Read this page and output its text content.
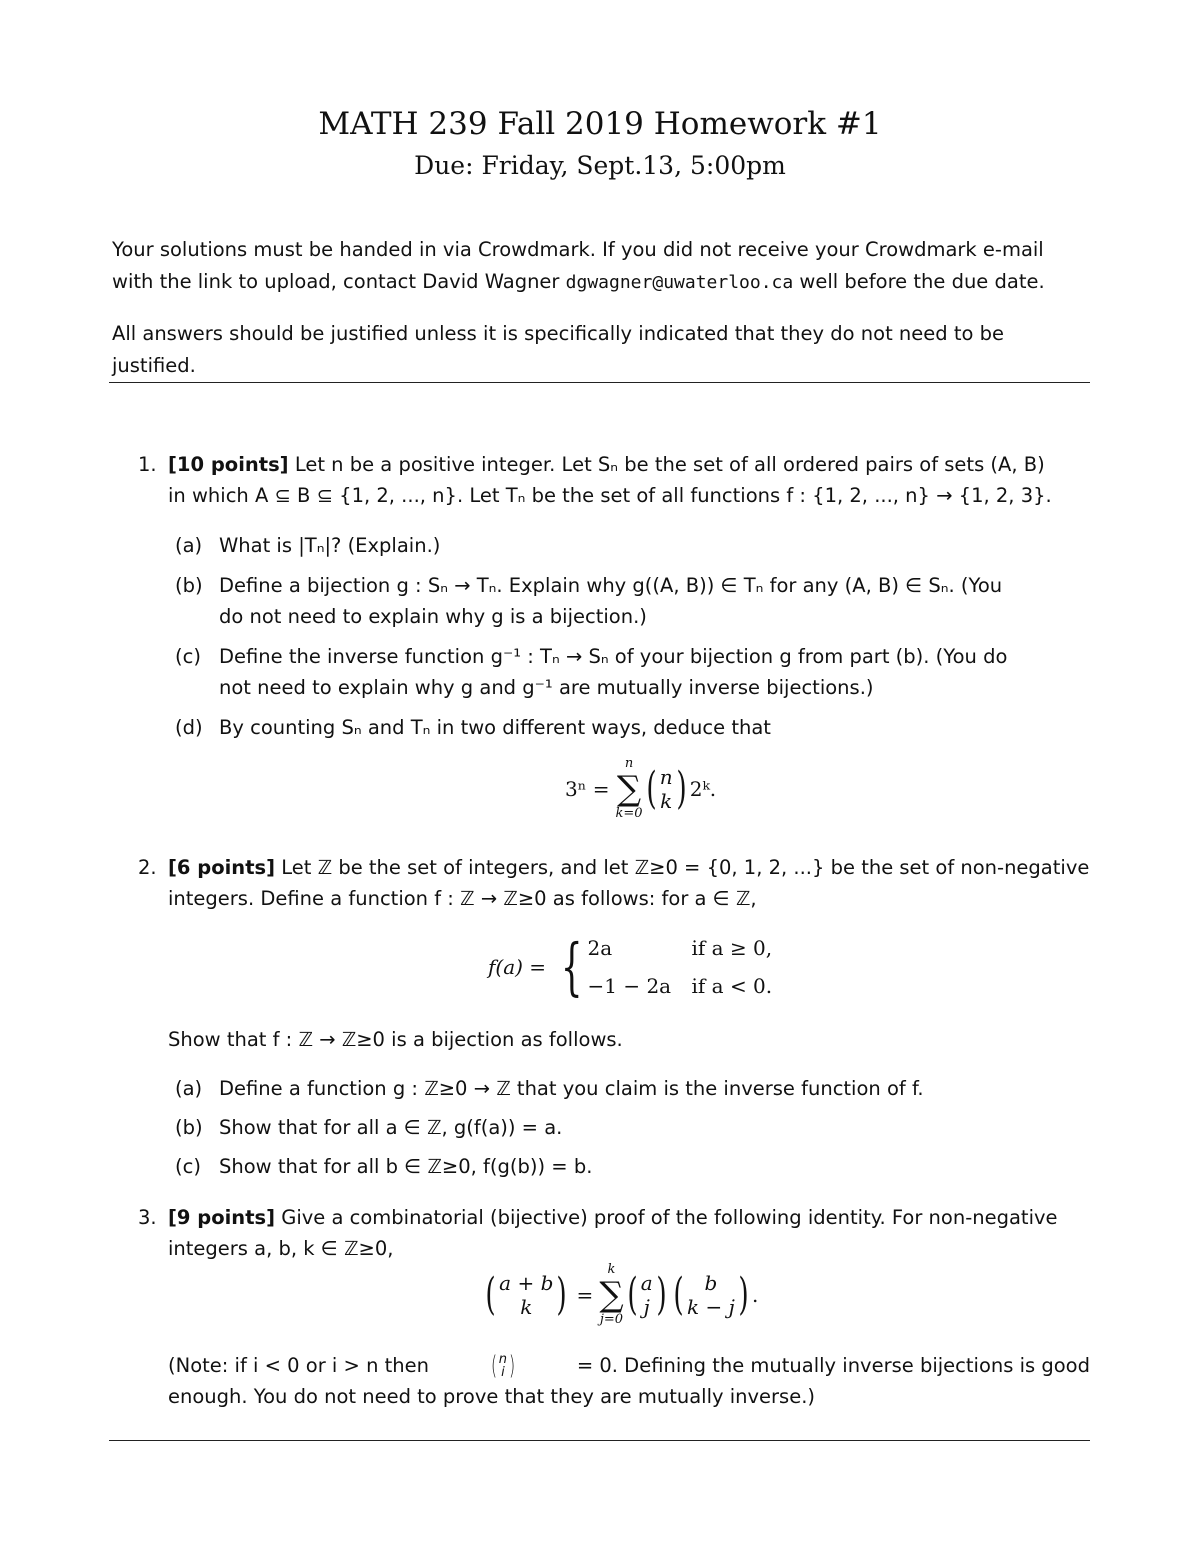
MATH 239 Fall 2019 Homework #1
Due: Friday, Sept.13, 5:00pm
Your solutions must be handed in via Crowdmark. If you did not receive your Crowdmark e-mail
with the link to upload, contact David Wagner dgwagner@uwaterloo.ca well before the due date.
All answers should be justified unless it is specifically indicated that they do not need to be justified.
1. [10 points] Let n be a positive integer. Let Sₙ be the set of all ordered pairs of sets (A, B)
in which A ⊆ B ⊆ {1, 2, ..., n}. Let Tₙ be the set of all functions f : {1, 2, ..., n} → {1, 2, 3}.
(a) What is |Tₙ|? (Explain.)
(b) Define a bijection g : Sₙ → Tₙ. Explain why g((A, B)) ∈ Tₙ for any (A, B) ∈ Sₙ. (You
do not need to explain why g is a bijection.)
(c) Define the inverse function g⁻¹ : Tₙ → Sₙ of your bijection g from part (b). (You do
not need to explain why g and g⁻¹ are mutually inverse bijections.)
(d) By counting Sₙ and Tₙ in two different ways, deduce that
3ⁿ =
n
∑
k=0 ( n
k ) 2ᵏ.
2. [6 points] Let ℤ be the set of integers, and let ℤ≥0 = {0, 1, 2, ...} be the set of non-negative
integers. Define a function f : ℤ → ℤ≥0 as follows: for a ∈ ℤ,
f(a) = { 2a	if a ≥ 0,
−1 − 2a	if a < 0.
Show that f : ℤ → ℤ≥0 is a bijection as follows.
(a) Define a function g : ℤ≥0 → ℤ that you claim is the inverse function of f.
(b) Show that for all a ∈ ℤ, g(f(a)) = a.
(c) Show that for all b ∈ ℤ≥0, f(g(b)) = b.
3. [9 points] Give a combinatorial (bijective) proof of the following identity. For non-negative
integers a, b, k ∈ ℤ≥0,
( a + b
k ) =
k
∑
j=0 ( a
j ) ( b
k − j ) .
(Note: if i < 0 or i > n then ( n
i )	= 0. Defining the mutually inverse bijections is good
enough. You do not need to prove that they are mutually inverse.)
